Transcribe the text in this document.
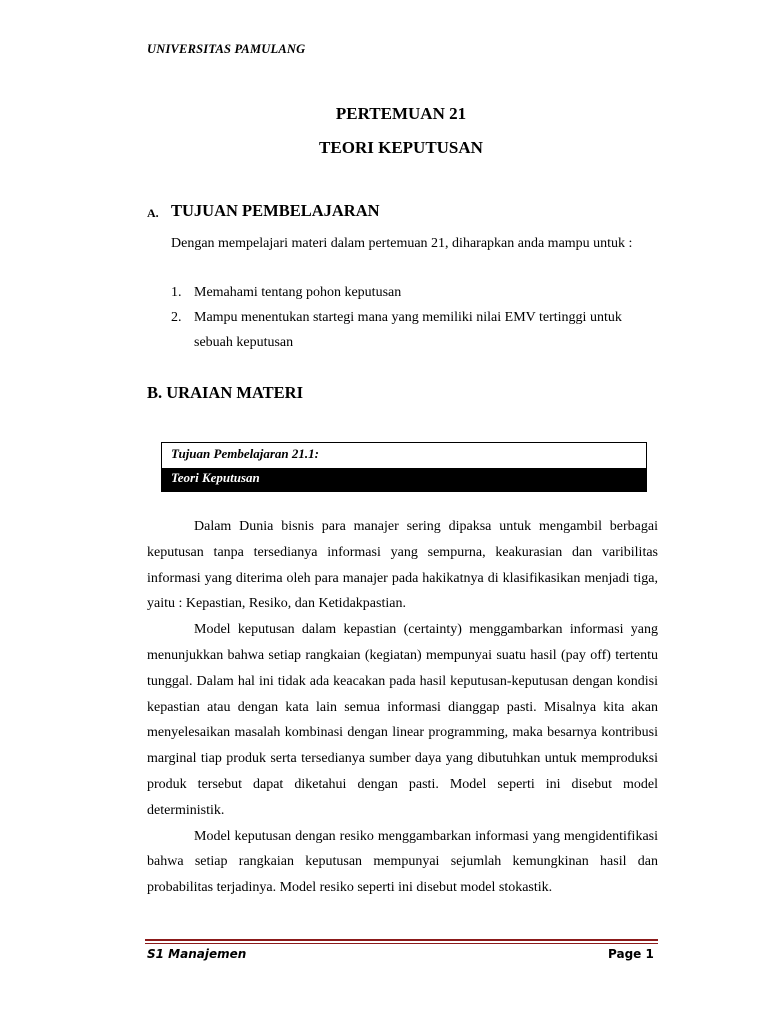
UNIVERSITAS PAMULANG
PERTEMUAN 21
TEORI KEPUTUSAN
A. TUJUAN PEMBELAJARAN

Dengan mempelajari materi dalam pertemuan 21, diharapkan anda mampu untuk :

1. Memahami tentang pohon keputusan
2. Mampu menentukan startegi mana yang memiliki nilai EMV tertinggi untuk sebuah keputusan
B. URAIAN MATERI
Tujuan Pembelajaran 21.1:
Teori Keputusan

Dalam Dunia bisnis para manajer sering dipaksa untuk mengambil berbagai keputusan tanpa tersedianya informasi yang sempurna, keakurasian dan varibilitas informasi yang diterima oleh para manajer pada hakikatnya di klasifikasikan menjadi tiga, yaitu : Kepastian, Resiko, dan Ketidakpastian.

Model keputusan dalam kepastian (certainty) menggambarkan informasi yang menunjukkan bahwa setiap rangkaian (kegiatan) mempunyai suatu hasil (pay off) tertentu tunggal. Dalam hal ini tidak ada keacakan pada hasil keputusan-keputusan dengan kondisi kepastian atau dengan kata lain semua informasi dianggap pasti. Misalnya kita akan menyelesaikan masalah kombinasi dengan linear programming, maka besarnya kontribusi marginal tiap produk serta tersedianya sumber daya yang dibutuhkan untuk memproduksi produk tersebut dapat diketahui dengan pasti. Model seperti ini disebut model deterministik.

Model keputusan dengan resiko menggambarkan informasi yang mengidentifikasi bahwa setiap rangkaian keputusan mempunyai sejumlah kemungkinan hasil dan probabilitas terjadinya. Model resiko seperti ini disebut model stokastik.

S1 Manajemen	Page 1
